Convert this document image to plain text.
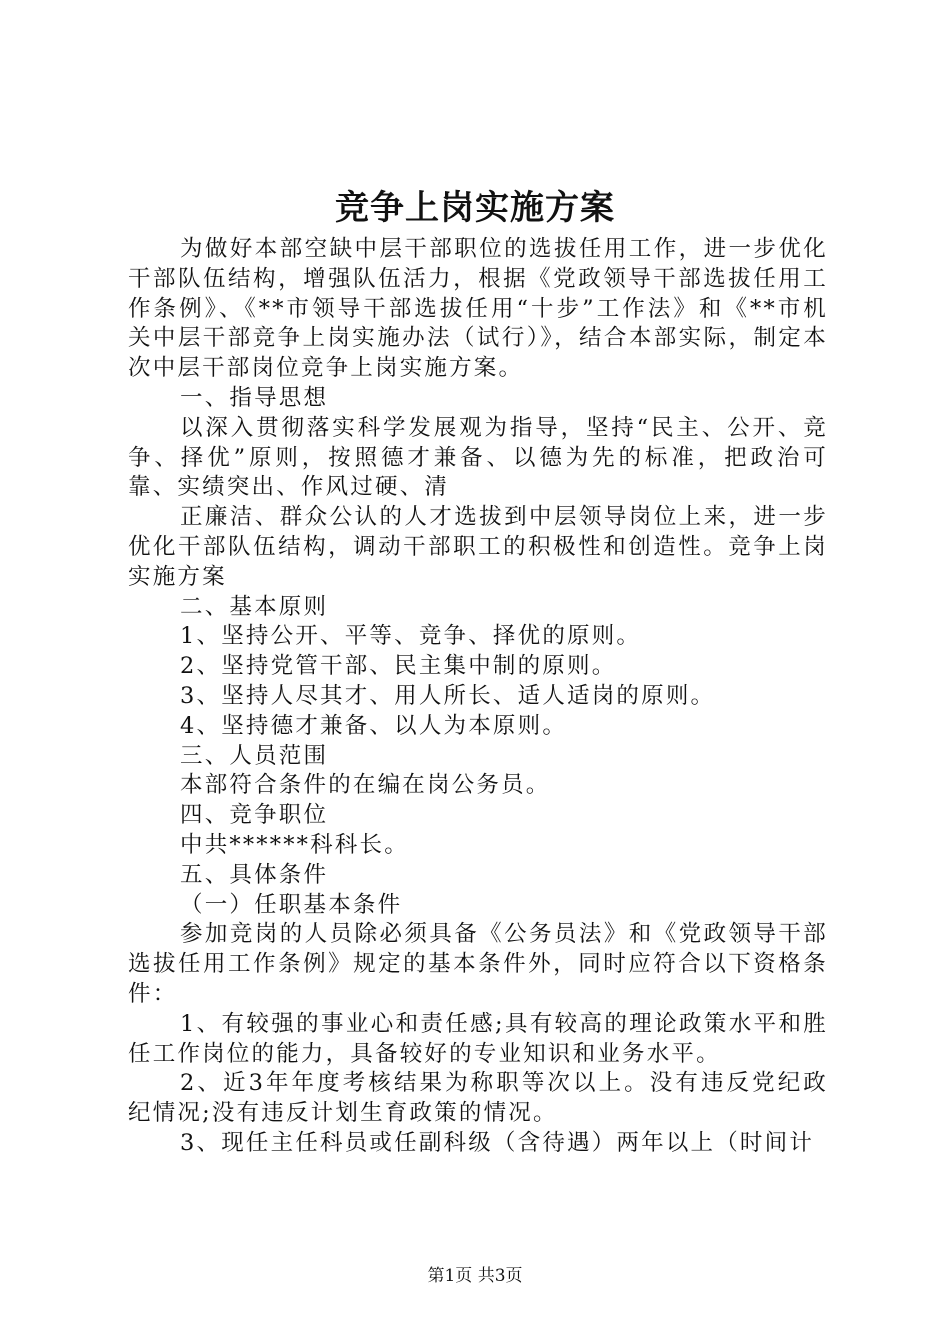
竞争上岗实施方案

为做好本部空缺中层干部职位的选拔任用工作，进一步优化干部队伍结构，增强队伍活力，根据《党政领导干部选拔任用工作条例》、《**市领导干部选拔任用“十步”工作法》和《**市机关中层干部竞争上岗实施办法（试行）》，结合本部实际，制定本次中层干部岗位竞争上岗实施方案。

一、指导思想

以深入贯彻落实科学发展观为指导，坚持“民主、公开、竞争、择优”原则，按照德才兼备、以德为先的标准，把政治可靠、实绩突出、作风过硬、清

正廉洁、群众公认的人才选拔到中层领导岗位上来，进一步优化干部队伍结构，调动干部职工的积极性和创造性。竞争上岗实施方案

二、基本原则

1、坚持公开、平等、竞争、择优的原则。

2、坚持党管干部、民主集中制的原则。

3、坚持人尽其才、用人所长、适人适岗的原则。

4、坚持德才兼备、以人为本原则。

三、人员范围

本部符合条件的在编在岗公务员。

四、竞争职位

中共******科科长。

五、具体条件

（一）任职基本条件

参加竞岗的人员除必须具备《公务员法》和《党政领导干部选拔任用工作条例》规定的基本条件外，同时应符合以下资格条件：

1、有较强的事业心和责任感;具有较高的理论政策水平和胜任工作岗位的能力，具备较好的专业知识和业务水平。

2、近3年年度考核结果为称职等次以上。没有违反党纪政纪情况;没有违反计划生育政策的情况。

3、现任主任科员或任副科级（含待遇）两年以上（时间计

第1页 共3页
